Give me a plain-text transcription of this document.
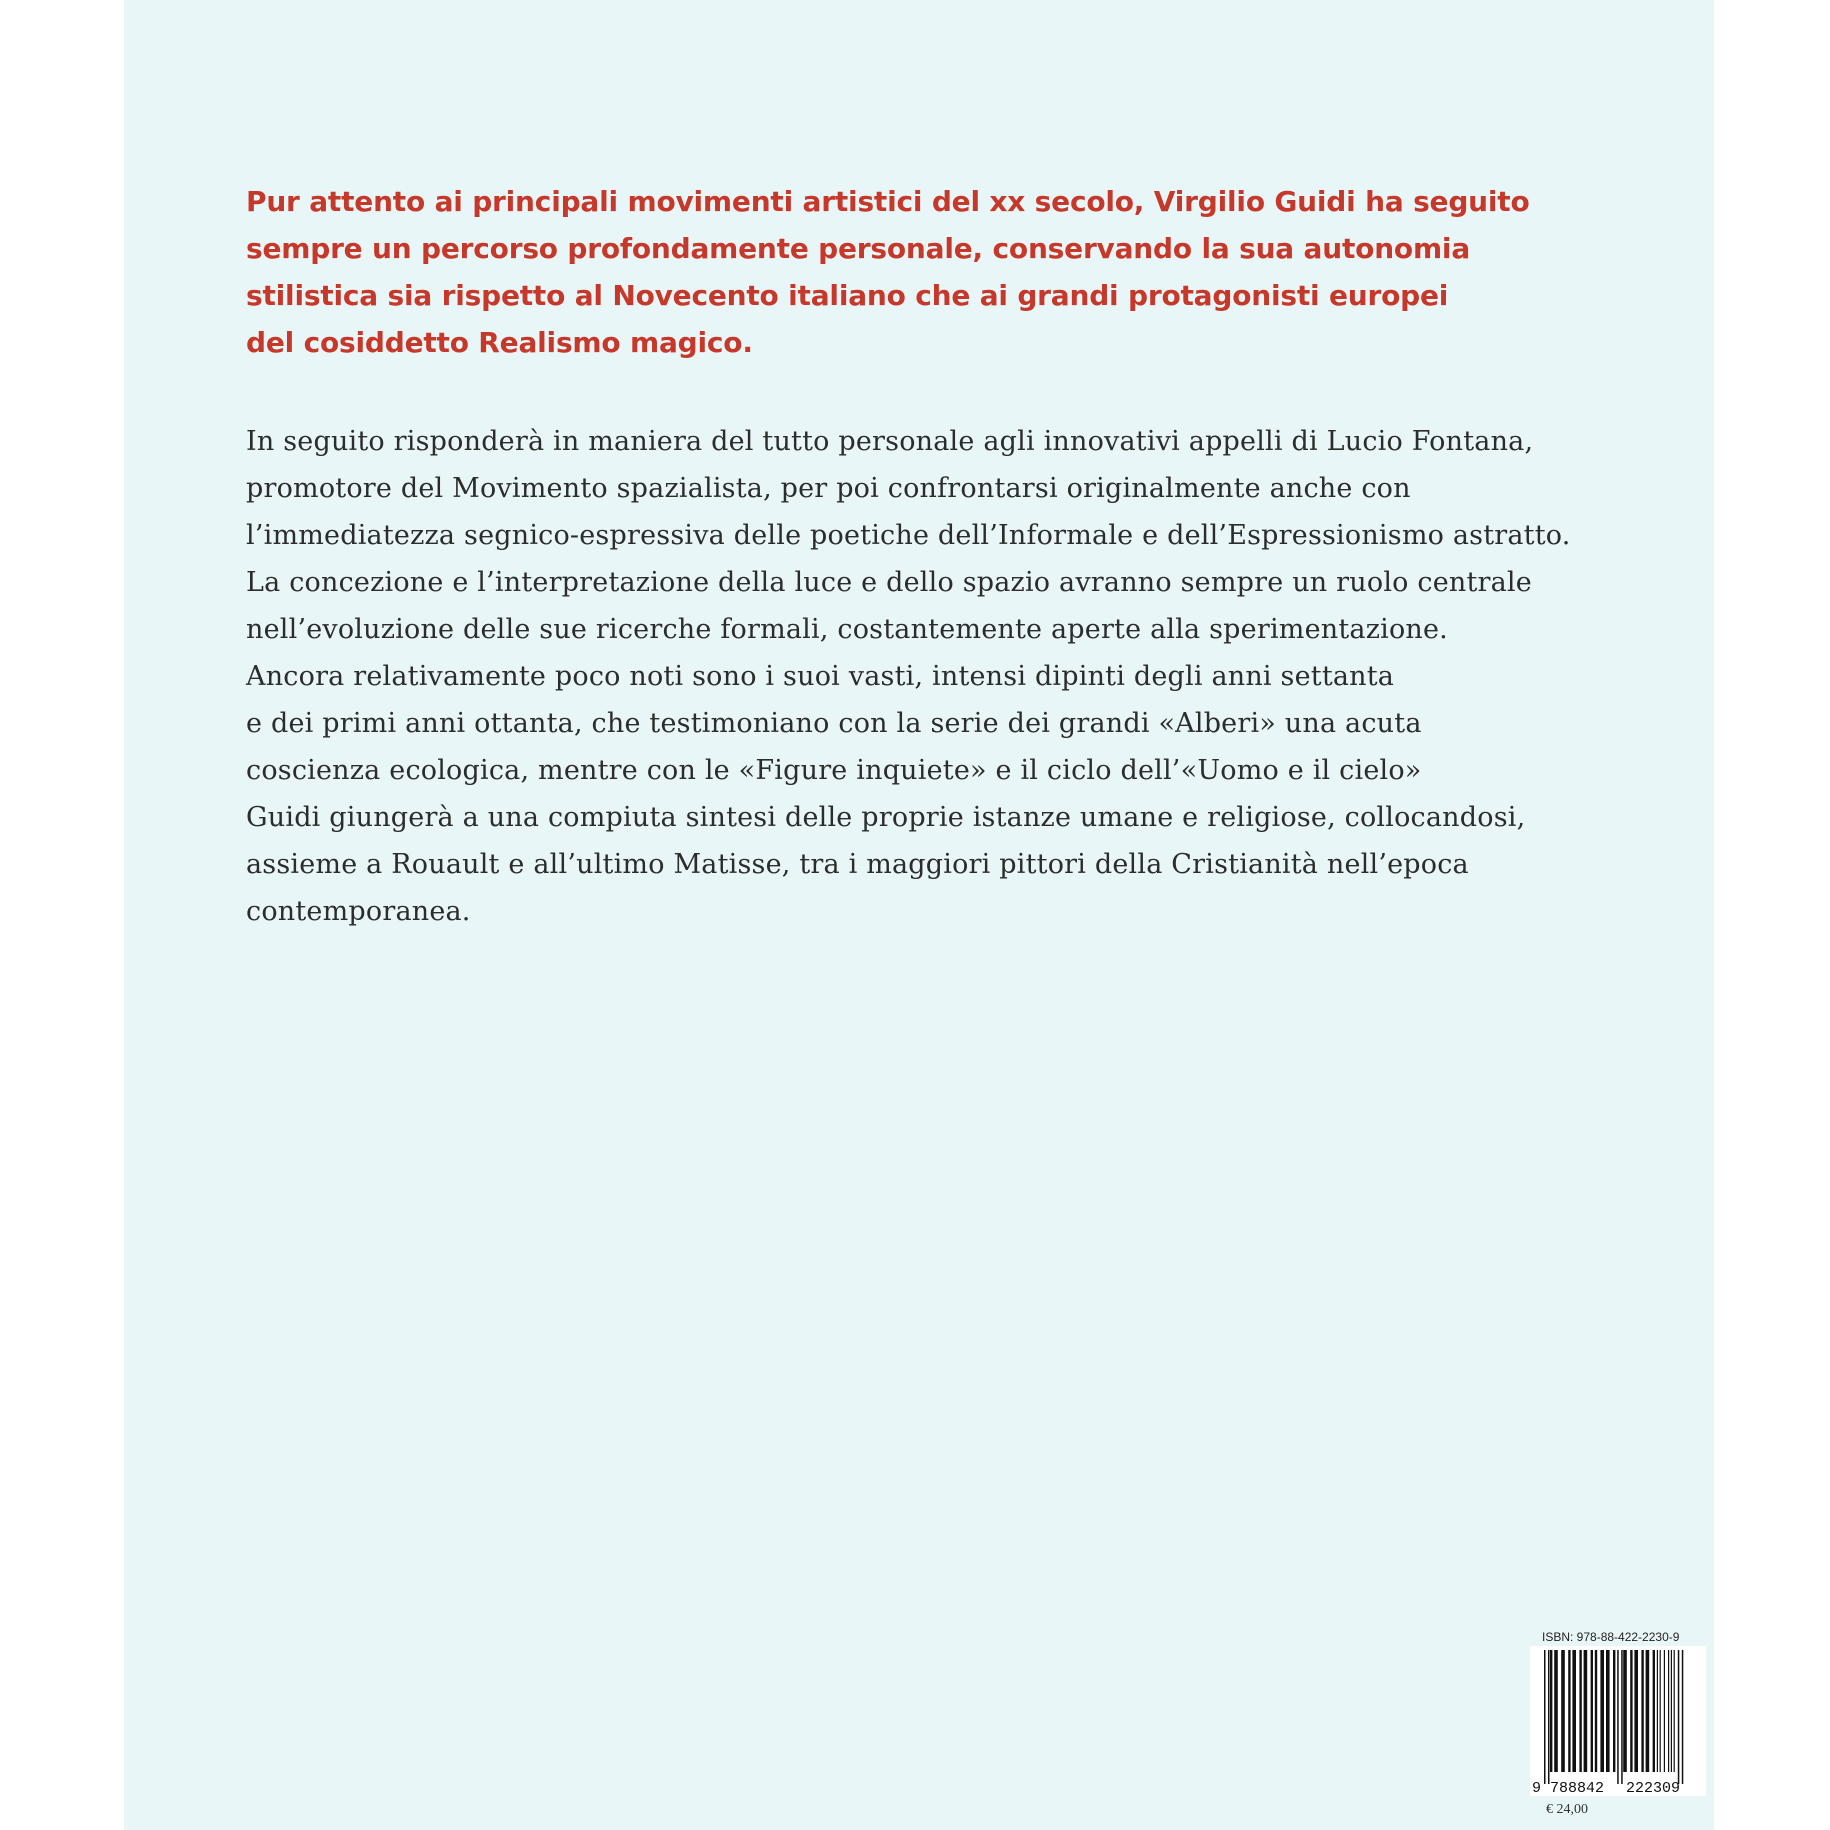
Pur attento ai principali movimenti artistici del xx secolo, Virgilio Guidi ha seguito
sempre un percorso profondamente personale, conservando la sua autonomia
stilistica sia rispetto al Novecento italiano che ai grandi protagonisti europei
del cosiddetto Realismo magico.

In seguito risponderà in maniera del tutto personale agli innovativi appelli di Lucio Fontana,
promotore del Movimento spazialista, per poi confrontarsi originalmente anche con
l’immediatezza segnico-espressiva delle poetiche dell’Informale e dell’Espressionismo astratto.
La concezione e l’interpretazione della luce e dello spazio avranno sempre un ruolo centrale
nell’evoluzione delle sue ricerche formali, costantemente aperte alla sperimentazione.
Ancora relativamente poco noti sono i suoi vasti, intensi dipinti degli anni settanta
e dei primi anni ottanta, che testimoniano con la serie dei grandi «Alberi» una acuta
coscienza ecologica, mentre con le «Figure inquiete» e il ciclo dell’«Uomo e il cielo»
Guidi giungerà a una compiuta sintesi delle proprie istanze umane e religiose, collocandosi,
assieme a Rouault e all’ultimo Matisse, tra i maggiori pittori della Cristianità nell’epoca
contemporanea.

ISBN: 978-88-422-2230-9
9 788842 222309
€ 24,00
